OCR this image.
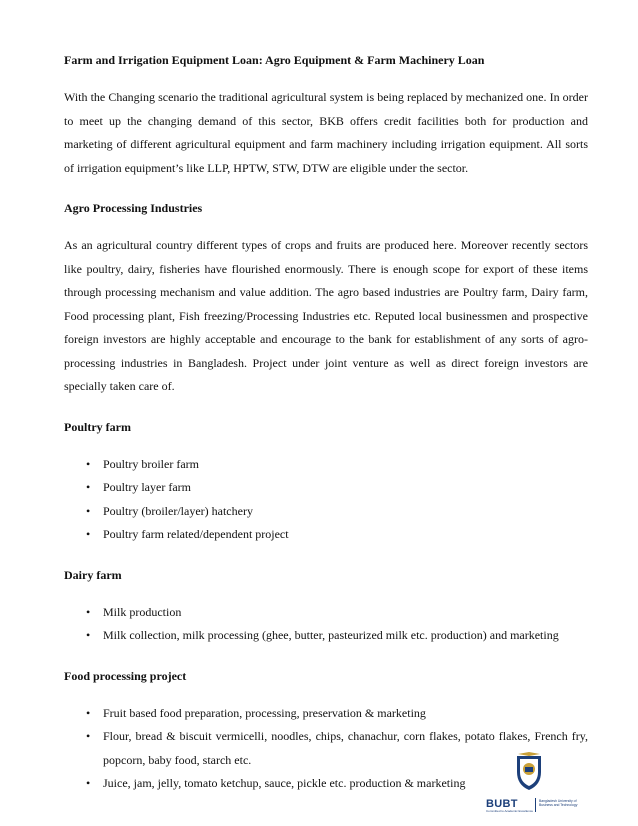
Farm and Irrigation Equipment Loan: Agro Equipment & Farm Machinery Loan

With the Changing scenario the traditional agricultural system is being replaced by mechanized one. In order to meet up the changing demand of this sector, BKB offers credit facilities both for production and marketing of different agricultural equipment and farm machinery including irrigation equipment. All sorts of irrigation equipment’s like LLP, HPTW, STW, DTW are eligible under the sector.

Agro Processing Industries

As an agricultural country different types of crops and fruits are produced here. Moreover recently sectors like poultry, dairy, fisheries have flourished enormously. There is enough scope for export of these items through processing mechanism and value addition. The agro based industries are Poultry farm, Dairy farm, Food processing plant, Fish freezing/Processing Industries etc. Reputed local businessmen and prospective foreign investors are highly acceptable and encourage to the bank for establishment of any sorts of agro-processing industries in Bangladesh. Project under joint venture as well as direct foreign investors are specially taken care of.

Poultry farm
• Poultry broiler farm
• Poultry layer farm
• Poultry (broiler/layer) hatchery
• Poultry farm related/dependent project
Dairy farm
• Milk production
• Milk collection, milk processing (ghee, butter, pasteurized milk etc. production) and marketing
Food processing project
• Fruit based food preparation, processing, preservation & marketing
• Flour, bread & biscuit vermicelli, noodles, chips, chanachur, corn flakes, potato flakes, French fry, popcorn, baby food, starch etc.
• Juice, jam, jelly, tomato ketchup, sauce, pickle etc. production & marketing
BUBT
Committed to Academic Excellence
Bangladesh University of Business and Technology
